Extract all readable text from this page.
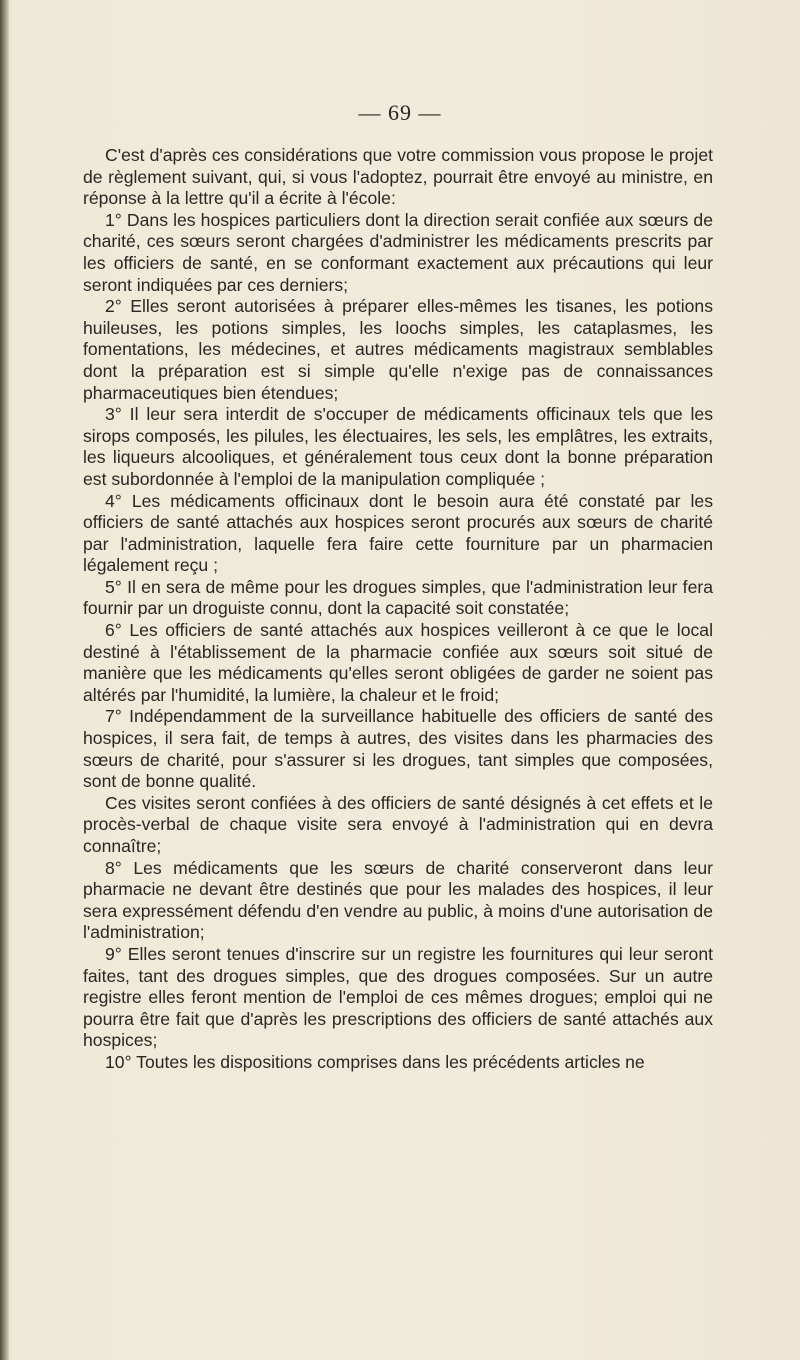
— 69 —

C'est d'après ces considérations que votre commission vous propose le projet de règlement suivant, qui, si vous l'adoptez, pourrait être envoyé au ministre, en réponse à la lettre qu'il a écrite à l'école:

1° Dans les hospices particuliers dont la direction serait confiée aux sœurs de charité, ces sœurs seront chargées d'administrer les médicaments prescrits par les officiers de santé, en se conformant exactement aux précautions qui leur seront indiquées par ces derniers;

2° Elles seront autorisées à préparer elles-mêmes les tisanes, les potions huileuses, les potions simples, les loochs simples, les cataplasmes, les fomentations, les médecines, et autres médicaments magistraux semblables dont la préparation est si simple qu'elle n'exige pas de connaissances pharmaceutiques bien étendues;

3° Il leur sera interdit de s'occuper de médicaments officinaux tels que les sirops composés, les pilules, les électuaires, les sels, les emplâtres, les extraits, les liqueurs alcooliques, et généralement tous ceux dont la bonne préparation est subordonnée à l'emploi de la manipulation compliquée ;

4° Les médicaments officinaux dont le besoin aura été constaté par les officiers de santé attachés aux hospices seront procurés aux sœurs de charité par l'administration, laquelle fera faire cette fourniture par un pharmacien légalement reçu ;

5° Il en sera de même pour les drogues simples, que l'administration leur fera fournir par un droguiste connu, dont la capacité soit constatée;

6° Les officiers de santé attachés aux hospices veilleront à ce que le local destiné à l'établissement de la pharmacie confiée aux sœurs soit situé de manière que les médicaments qu'elles seront obligées de garder ne soient pas altérés par l'humidité, la lumière, la chaleur et le froid;

7° Indépendamment de la surveillance habituelle des officiers de santé des hospices, il sera fait, de temps à autres, des visites dans les pharmacies des sœurs de charité, pour s'assurer si les drogues, tant simples que composées, sont de bonne qualité.

Ces visites seront confiées à des officiers de santé désignés à cet effets et le procès-verbal de chaque visite sera envoyé à l'administration qui en devra connaître;

8° Les médicaments que les sœurs de charité conserveront dans leur pharmacie ne devant être destinés que pour les malades des hospices, il leur sera expressément défendu d'en vendre au public, à moins d'une autorisation de l'administration;

9° Elles seront tenues d'inscrire sur un registre les fournitures qui leur seront faites, tant des drogues simples, que des drogues composées. Sur un autre registre elles feront mention de l'emploi de ces mêmes drogues; emploi qui ne pourra être fait que d'après les prescriptions des officiers de santé attachés aux hospices;

10° Toutes les dispositions comprises dans les précédents articles ne
